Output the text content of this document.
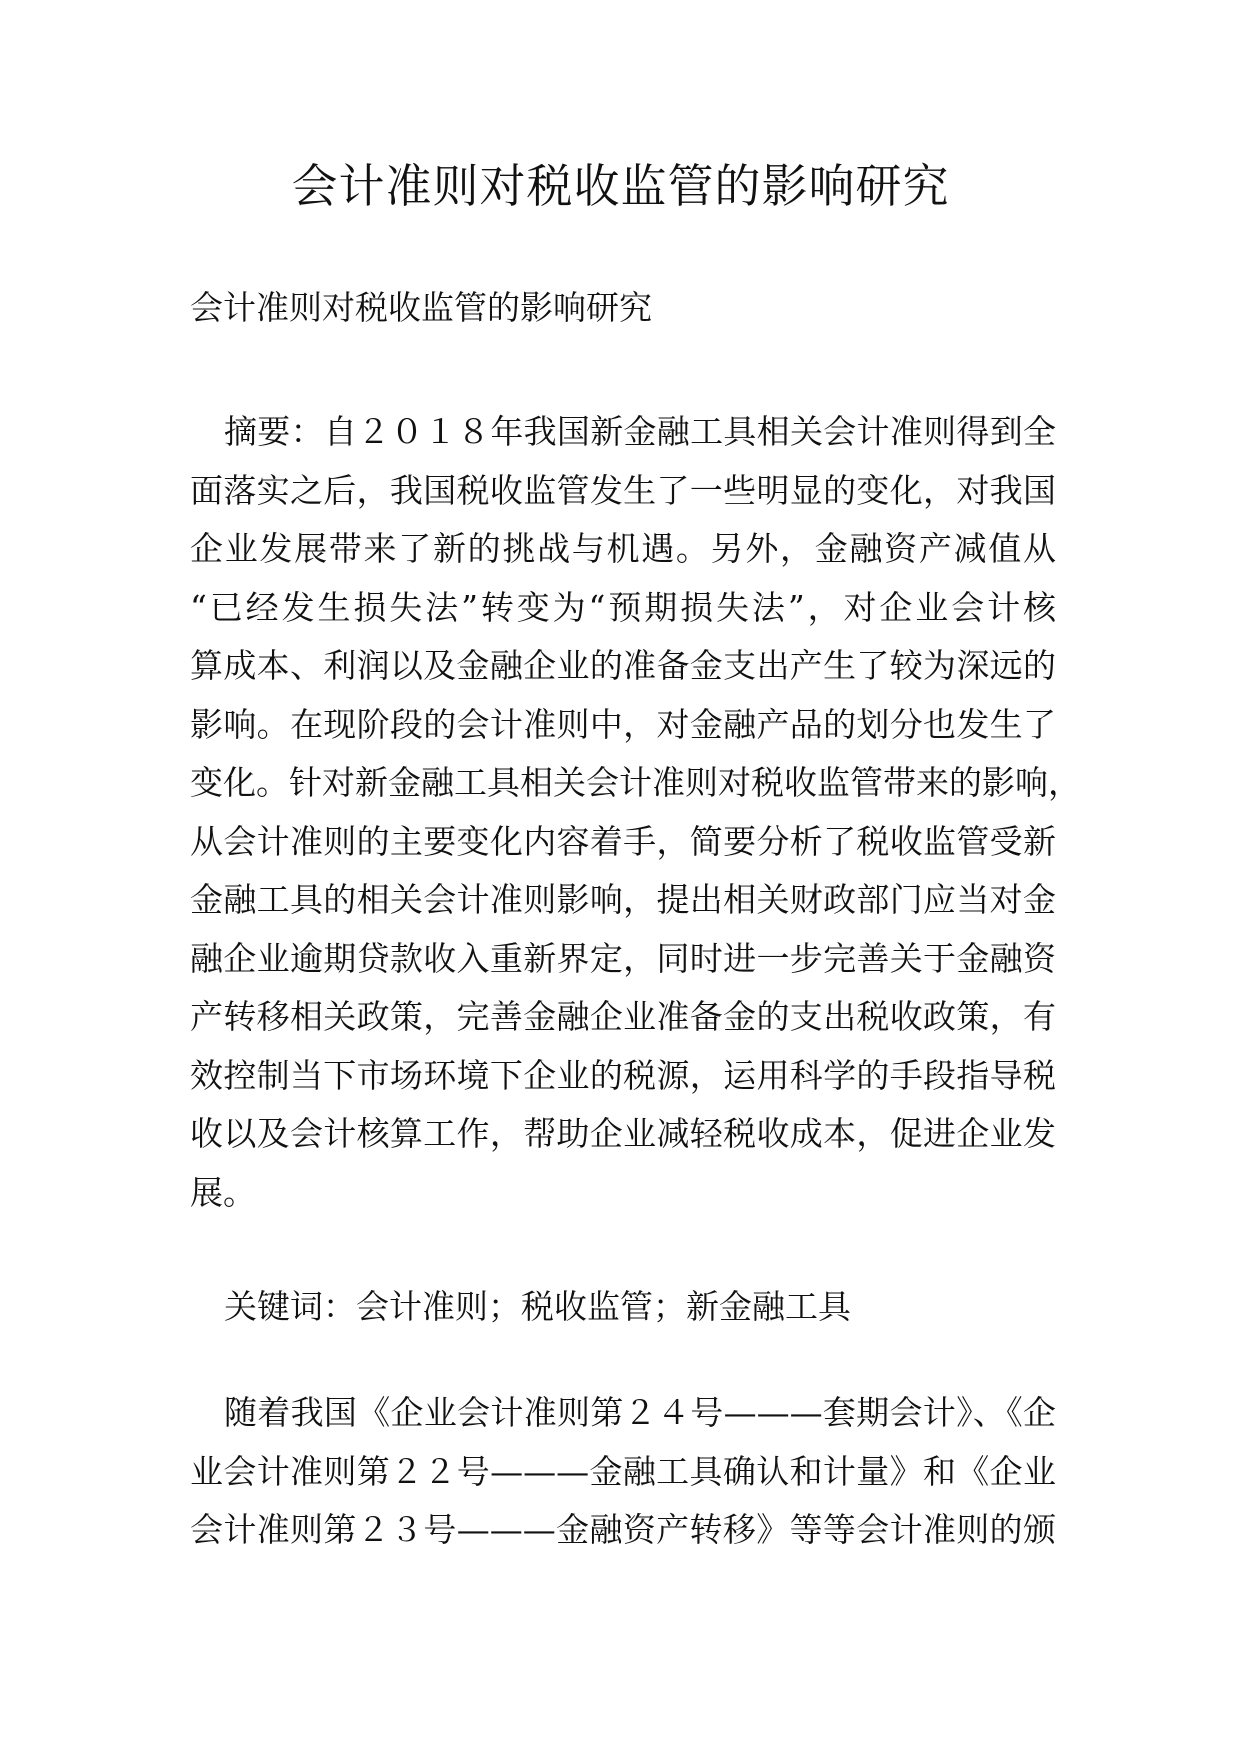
会计准则对税收监管的影响研究

会计准则对税收监管的影响研究

摘要：自２０１８年我国新金融工具相关会计准则得到全
面落实之后，我国税收监管发生了一些明显的变化，对我国
企业发展带来了新的挑战与机遇。另外，金融资产减值从
“已经发生损失法”转变为“预期损失法”，对企业会计核
算成本、利润以及金融企业的准备金支出产生了较为深远的
影响。在现阶段的会计准则中，对金融产品的划分也发生了
变化。针对新金融工具相关会计准则对税收监管带来的影响，
从会计准则的主要变化内容着手，简要分析了税收监管受新
金融工具的相关会计准则影响，提出相关财政部门应当对金
融企业逾期贷款收入重新界定，同时进一步完善关于金融资
产转移相关政策，完善金融企业准备金的支出税收政策，有
效控制当下市场环境下企业的税源，运用科学的手段指导税
收以及会计核算工作，帮助企业减轻税收成本，促进企业发
展。
关键词：会计准则；税收监管；新金融工具
随着我国《企业会计准则第２４号———套期会计》、《企
业会计准则第２２号———金融工具确认和计量》和《企业
会计准则第２３号———金融资产转移》等等会计准则的颁
